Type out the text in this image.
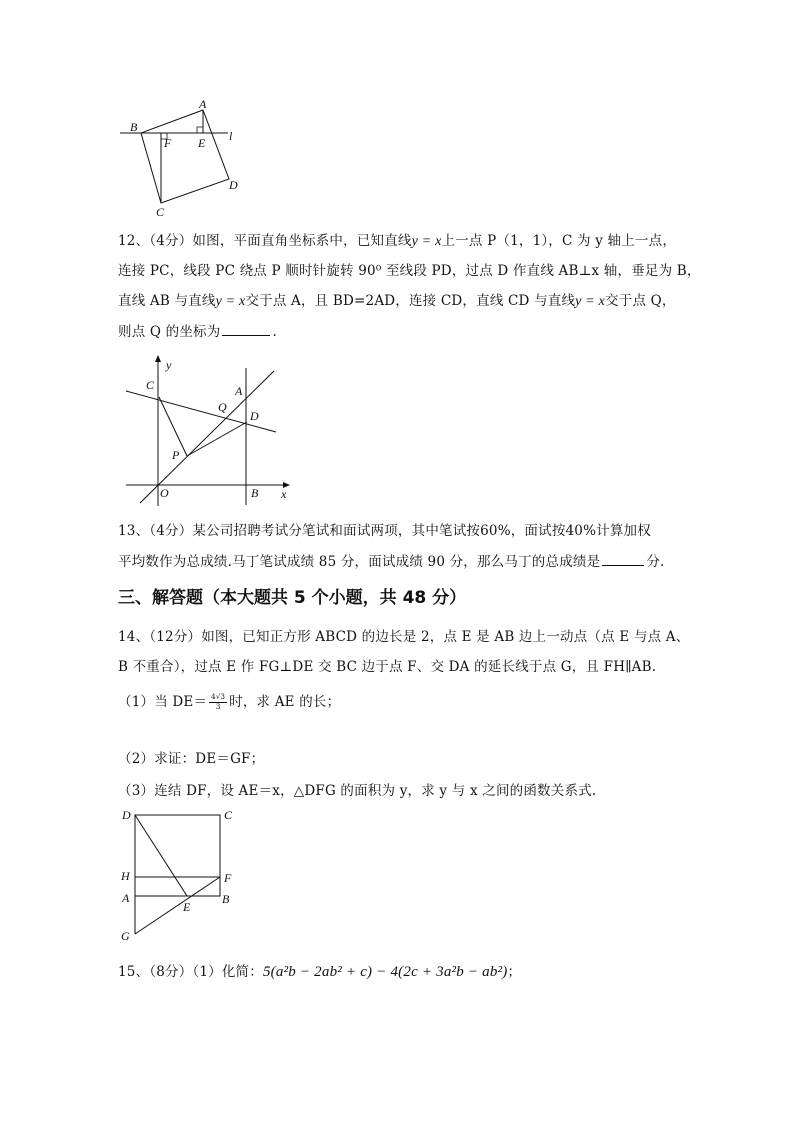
A
B
F E l
C
D
12、（4分）如图，平面直角坐标系中，已知直线y = x上一点 P（1，1），C 为 y 轴上一点，
连接 PC，线段 PC 绕点 P 顺时针旋转 90⁰ 至线段 PD，过点 D 作直线 AB⊥x 轴，垂足为 B，
直线 AB 与直线y = x交于点 A，且 BD=2AD，连接 CD，直线 CD 与直线y = x交于点 Q，
则点 Q 的坐标为	.
y
x
O	B
C
P
Q
A
D
13、（4分）某公司招聘考试分笔试和面试两项，其中笔试按60%，面试按40%计算加权
平均数作为总成绩.马丁笔试成绩 85 分，面试成绩 90 分，那么马丁的总成绩是	分.
三、解答题（本大题共 5 个小题，共 48 分）
14、（12分）如图，已知正方形 ABCD 的边长是 2，点 E 是 AB 边上一动点（点 E 与点 A、
B 不重合），过点 E 作 FG⊥DE 交 BC 边于点 F、交 DA 的延长线于点 G，且 FH∥AB.
（1）当 $DE= \frac{4√3}{3}$ 时，求 AE 的长；
（2）求证：DE＝GF；
（3）连结 DF，设 AE＝x，△DFG 的面积为 y，求 y 与 x 之间的函数关系式.
D	C
H	F
A
E
B
G
15、（8分）（1）化简：5(a²b − 2ab² + c) − 4(2c + 3a²b − ab²)；
